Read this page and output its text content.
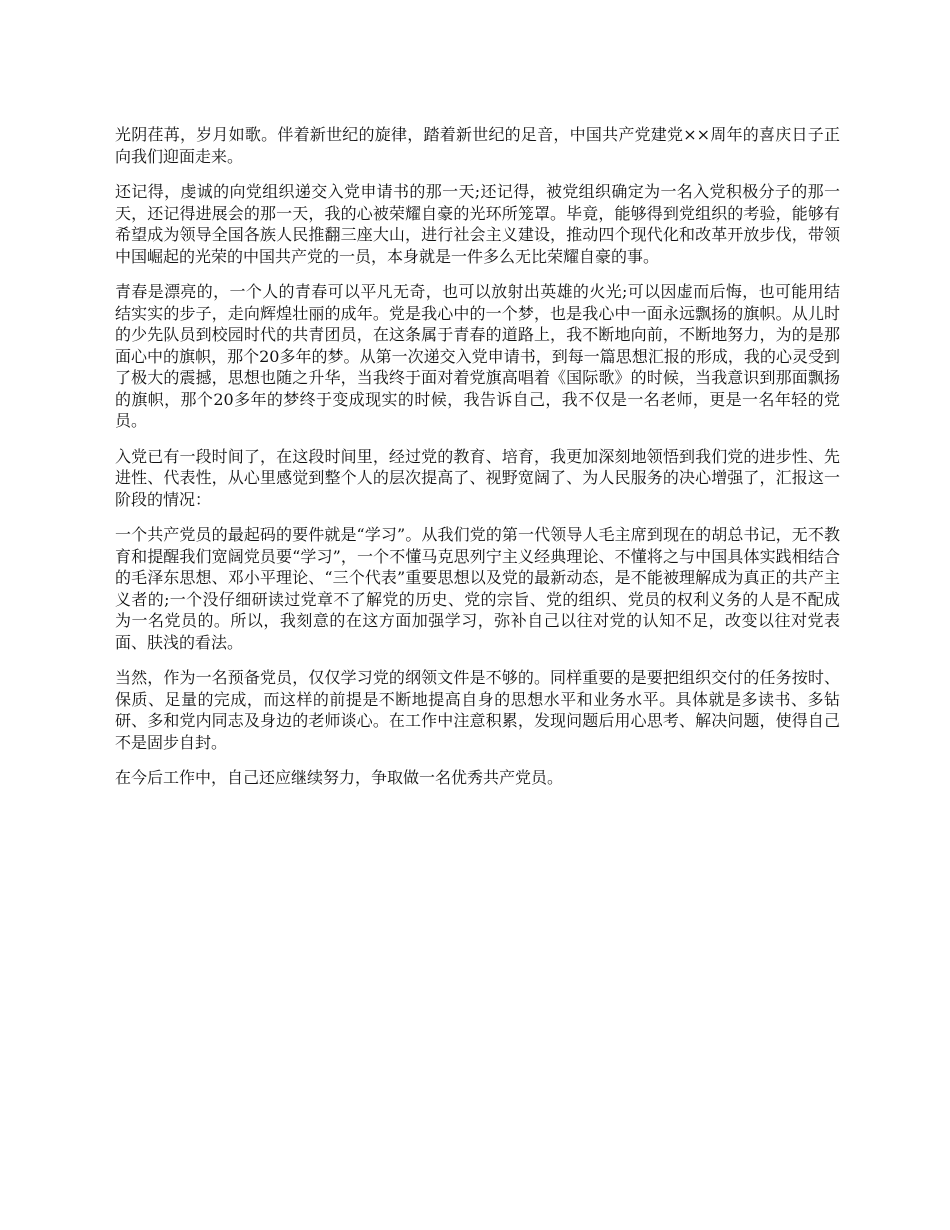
光阴荏苒，岁月如歌。伴着新世纪的旋律，踏着新世纪的足音，中国共产党建党××周年的喜庆日子正向我们迎面走来。

还记得，虔诚的向党组织递交入党申请书的那一天;还记得，被党组织确定为一名入党积极分子的那一天，还记得进展会的那一天，我的心被荣耀自豪的光环所笼罩。毕竟，能够得到党组织的考验，能够有希望成为领导全国各族人民推翻三座大山，进行社会主义建设，推动四个现代化和改革开放步伐，带领中国崛起的光荣的中国共产党的一员，本身就是一件多么无比荣耀自豪的事。

青春是漂亮的，一个人的青春可以平凡无奇，也可以放射出英雄的火光;可以因虚而后悔，也可能用结结实实的步子，走向辉煌壮丽的成年。党是我心中的一个梦，也是我心中一面永远飘扬的旗帜。从儿时的少先队员到校园时代的共青团员，在这条属于青春的道路上，我不断地向前，不断地努力，为的是那面心中的旗帜，那个20多年的梦。从第一次递交入党申请书，到每一篇思想汇报的形成，我的心灵受到了极大的震撼，思想也随之升华，当我终于面对着党旗高唱着《国际歌》的时候，当我意识到那面飘扬的旗帜，那个20多年的梦终于变成现实的时候，我告诉自己，我不仅是一名老师，更是一名年轻的党员。

入党已有一段时间了，在这段时间里，经过党的教育、培育，我更加深刻地领悟到我们党的进步性、先进性、代表性，从心里感觉到整个人的层次提高了、视野宽阔了、为人民服务的决心增强了，汇报这一阶段的情况：

一个共产党员的最起码的要件就是“学习”。从我们党的第一代领导人毛主席到现在的胡总书记，无不教育和提醒我们宽阔党员要“学习”，一个不懂马克思列宁主义经典理论、不懂将之与中国具体实践相结合的毛泽东思想、邓小平理论、“三个代表”重要思想以及党的最新动态，是不能被理解成为真正的共产主义者的;一个没仔细研读过党章不了解党的历史、党的宗旨、党的组织、党员的权利义务的人是不配成为一名党员的。所以，我刻意的在这方面加强学习，弥补自己以往对党的认知不足，改变以往对党表面、肤浅的看法。

当然，作为一名预备党员，仅仅学习党的纲领文件是不够的。同样重要的是要把组织交付的任务按时、保质、足量的完成，而这样的前提是不断地提高自身的思想水平和业务水平。具体就是多读书、多钻研、多和党内同志及身边的老师谈心。在工作中注意积累，发现问题后用心思考、解决问题，使得自己不是固步自封。

在今后工作中，自己还应继续努力，争取做一名优秀共产党员。
